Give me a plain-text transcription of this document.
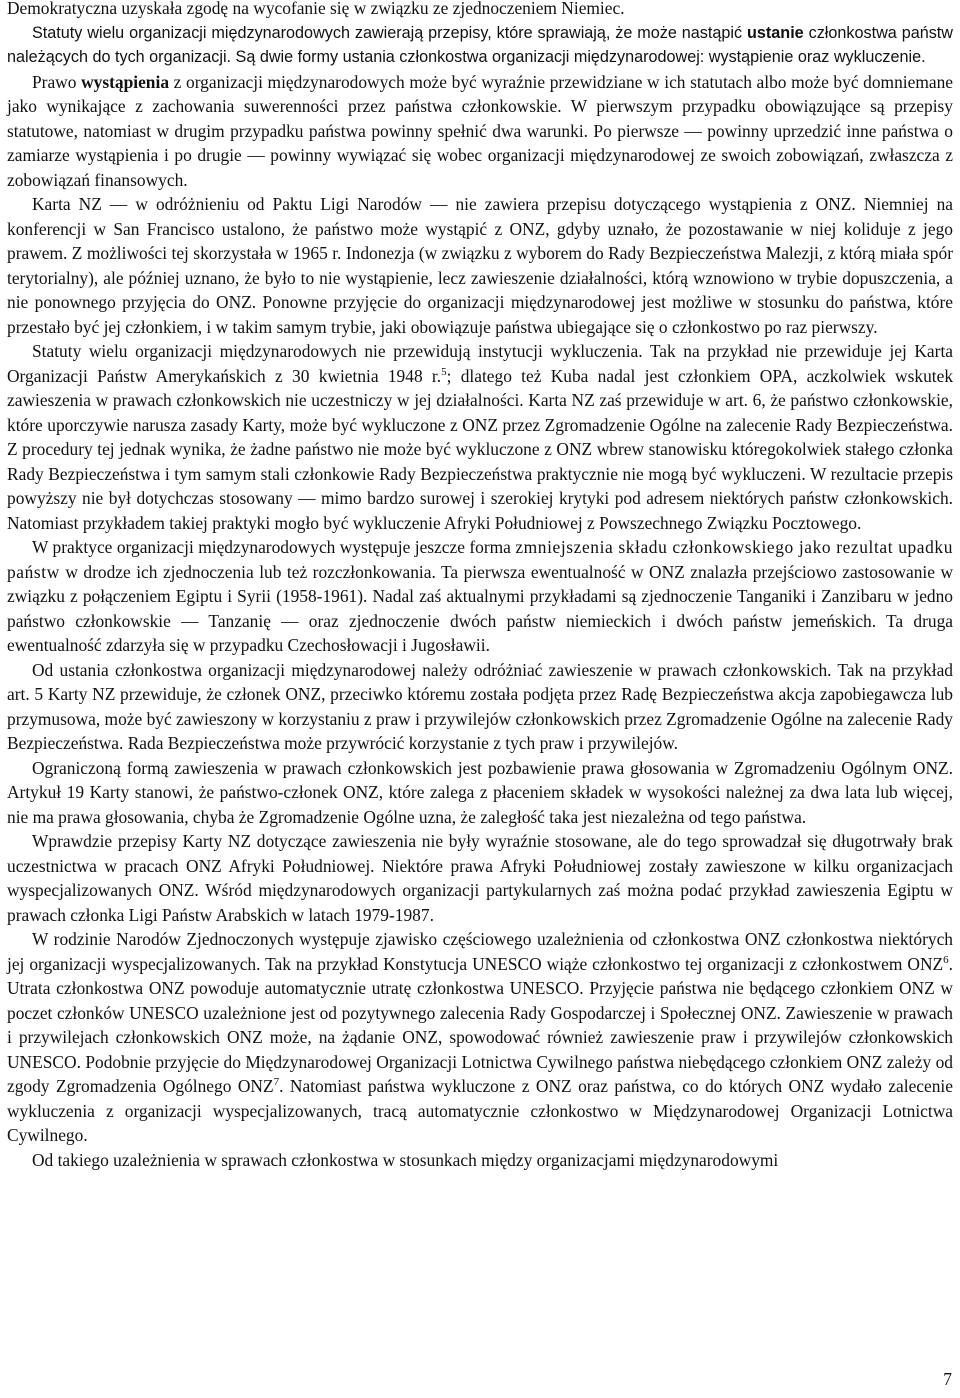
Demokratyczna uzyskała zgodę na wycofanie się w związku ze zjednoczeniem Niemiec.

Statuty wielu organizacji międzynarodowych zawierają przepisy, które sprawiają, że może nastąpić ustanie członkostwa państw należących do tych organizacji. Są dwie formy ustania członkostwa organizacji międzynarodowej: wystąpienie oraz wykluczenie.

Prawo wystąpienia z organizacji międzynarodowych może być wyraźnie przewidziane w ich statutach albo może być domniemane jako wynikające z zachowania suwerenności przez państwa członkowskie. W pierwszym przypadku obowiązujące są przepisy statutowe, natomiast w drugim przypadku państwa powinny spełnić dwa warunki. Po pierwsze — powinny uprzedzić inne państwa o zamiarze wystąpienia i po drugie — powinny wywiązać się wobec organizacji międzynarodowej ze swoich zobowiązań, zwłaszcza z zobowiązań finansowych.

Karta NZ — w odróżnieniu od Paktu Ligi Narodów — nie zawiera przepisu dotyczącego wystąpienia z ONZ. Niemniej na konferencji w San Francisco ustalono, że państwo może wystąpić z ONZ, gdyby uznało, że pozostawanie w niej koliduje z jego prawem. Z możliwości tej skorzystała w 1965 r. Indonezja (w związku z wyborem do Rady Bezpieczeństwa Malezji, z którą miała spór terytorialny), ale później uznano, że było to nie wystąpienie, lecz zawieszenie działalności, którą wznowiono w trybie dopuszczenia, a nie ponownego przyjęcia do ONZ. Ponowne przyjęcie do organizacji międzynarodowej jest możliwe w stosunku do państwa, które przestało być jej członkiem, i w takim samym trybie, jaki obowiązuje państwa ubiegające się o członkostwo po raz pierwszy.

Statuty wielu organizacji międzynarodowych nie przewidują instytucji wykluczenia. Tak na przykład nie przewiduje jej Karta Organizacji Państw Amerykańskich z 30 kwietnia 1948 r.$^5$; dlatego też Kuba nadal jest członkiem OPA, aczkolwiek wskutek zawieszenia w prawach członkowskich nie uczestniczy w jej działalności. Karta NZ zaś przewiduje w art. 6, że państwo członkowskie, które uporczywie narusza zasady Karty, może być wykluczone z ONZ przez Zgromadzenie Ogólne na zalecenie Rady Bezpieczeństwa. Z procedury tej jednak wynika, że żadne państwo nie może być wykluczone z ONZ wbrew stanowisku któregokolwiek stałego członka Rady Bezpieczeństwa i tym samym stali członkowie Rady Bezpieczeństwa praktycznie nie mogą być wykluczeni. W rezultacie przepis powyższy nie był dotychczas stosowany — mimo bardzo surowej i szerokiej krytyki pod adresem niektórych państw członkowskich. Natomiast przykładem takiej praktyki mogło być wykluczenie Afryki Południowej z Powszechnego Związku Pocztowego.

W praktyce organizacji międzynarodowych występuje jeszcze forma zmniejszenia składu członkowskiego jako rezultat upadku państw w drodze ich zjednoczenia lub też rozczłonkowania. Ta pierwsza ewentualność w ONZ znalazła przejściowo zastosowanie w związku z połączeniem Egiptu i Syrii (1958-1961). Nadal zaś aktualnymi przykładami są zjednoczenie Tanganiki i Zanzibaru w jedno państwo członkowskie — Tanzanię — oraz zjednoczenie dwóch państw niemieckich i dwóch państw jemeńskich. Ta druga ewentualność zdarzyła się w przypadku Czechosłowacji i Jugosławii.

Od ustania członkostwa organizacji międzynarodowej należy odróżniać zawieszenie w prawach członkowskich. Tak na przykład art. 5 Karty NZ przewiduje, że członek ONZ, przeciwko któremu została podjęta przez Radę Bezpieczeństwa akcja zapobiegawcza lub przymusowa, może być zawieszony w korzystaniu z praw i przywilejów członkowskich przez Zgromadzenie Ogólne na zalecenie Rady Bezpieczeństwa. Rada Bezpieczeństwa może przywrócić korzystanie z tych praw i przywilejów.

Ograniczoną formą zawieszenia w prawach członkowskich jest pozbawienie prawa głosowania w Zgromadzeniu Ogólnym ONZ. Artykuł 19 Karty stanowi, że państwo-członek ONZ, które zalega z płaceniem składek w wysokości należnej za dwa lata lub więcej, nie ma prawa głosowania, chyba że Zgromadzenie Ogólne uzna, że zaległość taka jest niezależna od tego państwa.

Wprawdzie przepisy Karty NZ dotyczące zawieszenia nie były wyraźnie stosowane, ale do tego sprowadzał się długotrwały brak uczestnictwa w pracach ONZ Afryki Południowej. Niektóre prawa Afryki Południowej zostały zawieszone w kilku organizacjach wyspecjalizowanych ONZ. Wśród międzynarodowych organizacji partykularnych zaś można podać przykład zawieszenia Egiptu w prawach członka Ligi Państw Arabskich w latach 1979-1987.

W rodzinie Narodów Zjednoczonych występuje zjawisko częściowego uzależnienia od członkostwa ONZ członkostwa niektórych jej organizacji wyspecjalizowanych. Tak na przykład Konstytucja UNESCO wiąże członkostwo tej organizacji z członkostwem ONZ$^6$. Utrata członkostwa ONZ powoduje automatycznie utratę członkostwa UNESCO. Przyjęcie państwa nie będącego członkiem ONZ w poczet członków UNESCO uzależnione jest od pozytywnego zalecenia Rady Gospodarczej i Społecznej ONZ. Zawieszenie w prawach i przywilejach członkowskich ONZ może, na żądanie ONZ, spowodować również zawieszenie praw i przywilejów członkowskich UNESCO. Podobnie przyjęcie do Międzynarodowej Organizacji Lotnictwa Cywilnego państwa niebędącego członkiem ONZ zależy od zgody Zgromadzenia Ogólnego ONZ$^7$. Natomiast państwa wykluczone z ONZ oraz państwa, co do których ONZ wydało zalecenie wykluczenia z organizacji wyspecjalizowanych, tracą automatycznie członkostwo w Międzynarodowej Organizacji Lotnictwa Cywilnego.

Od takiego uzależnienia w sprawach członkostwa w stosunkach między organizacjami międzynarodowymi

7
